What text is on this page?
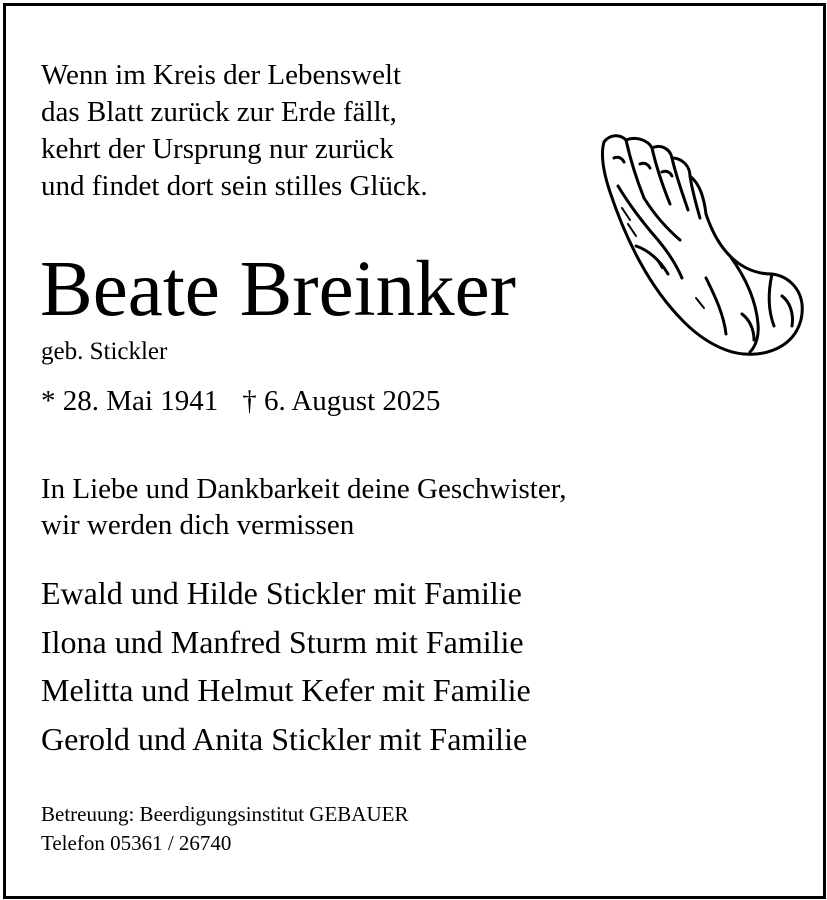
Wenn im Kreis der Lebenswelt
das Blatt zurück zur Erde fällt,
kehrt der Ursprung nur zurück
und findet dort sein stilles Glück.
Beate Breinker
geb. Stickler
* 28. Mai 1941 † 6. August 2025
In Liebe und Dankbarkeit deine Geschwister,
wir werden dich vermissen
Ewald und Hilde Stickler mit Familie
Ilona und Manfred Sturm mit Familie
Melitta und Helmut Kefer mit Familie
Gerold und Anita Stickler mit Familie
Betreuung: Beerdigungsinstitut GEBAUER
Telefon 05361 / 26740
